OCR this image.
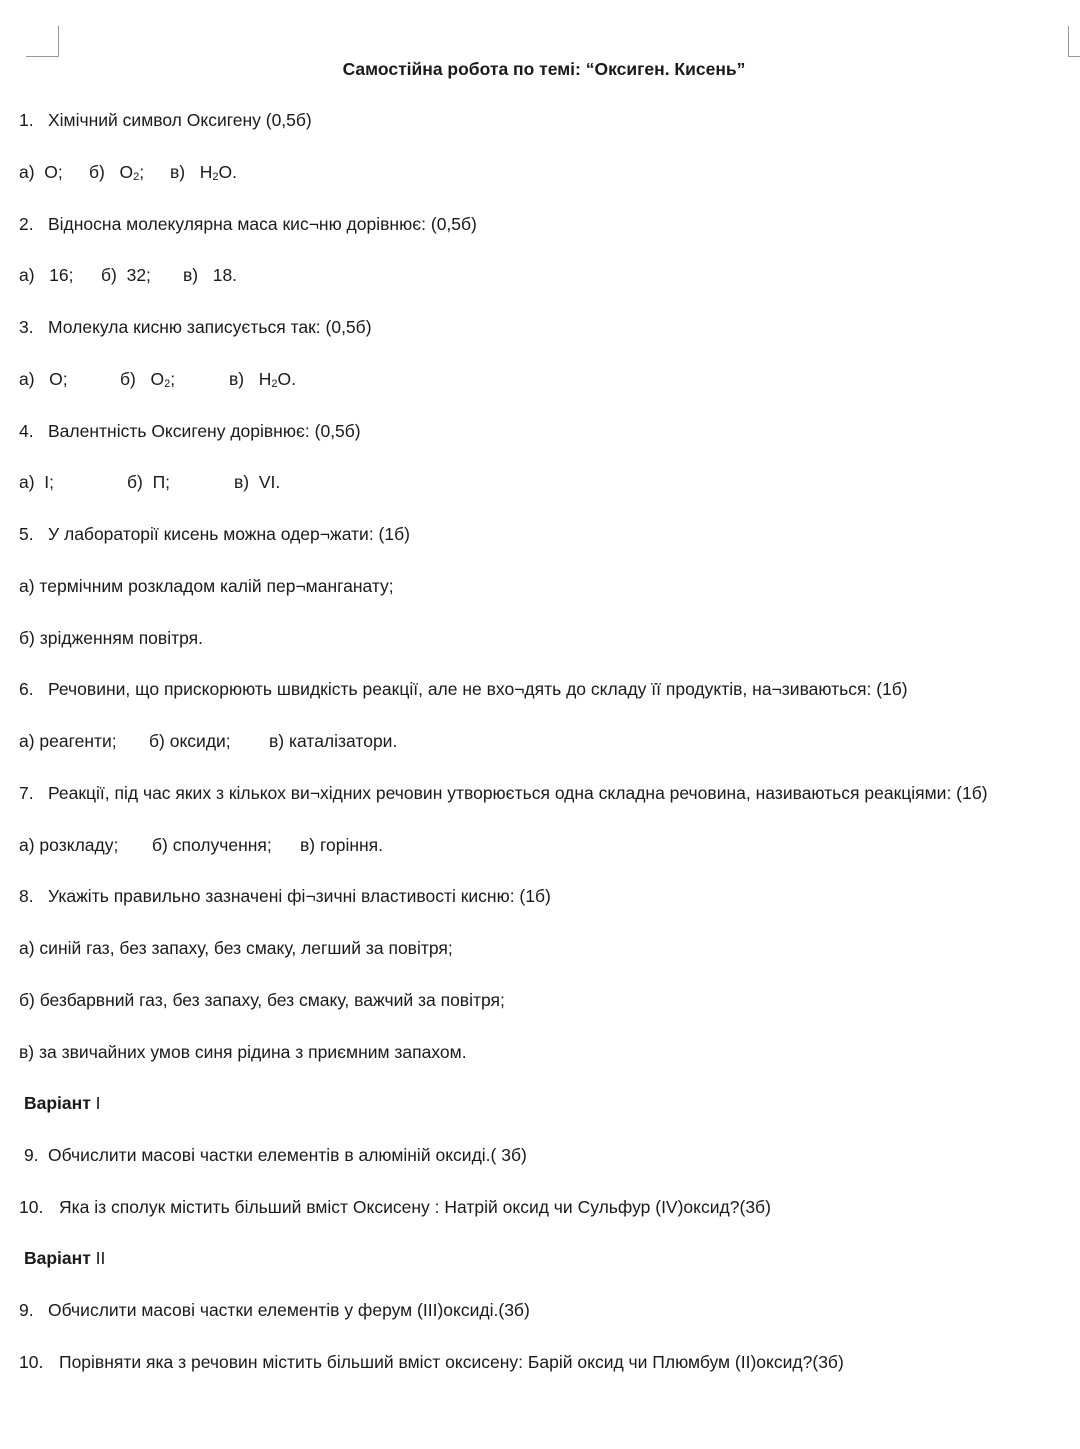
Самостійна робота по темі: “Оксиген. Кисень”
1. Хімічний символ Оксигену (0,5б)
а) О; б) $О_2$; в) $Н_2О$.
2. Відносна молекулярна маса кис¬ню дорівнює: (0,5б)
а) 16; б) 32; в) 18.
3. Молекула кисню записується так: (0,5б)
а) О;	б) $О_2$;	в) $Н_2О$.
4. Валентність Оксигену дорівнює: (0,5б)
а) I;	б) П;	в) VI.
5. У лабораторії кисень можна одер¬жати: (1б)
а) термічним розкладом калій пер¬манганату;
б) зрідженням повітря.
6. Речовини, що прискорюють швидкість реакції, але не вхо¬дять до складу її продуктів, на¬зиваються: (1б)
а) реагенти; б) оксиди; в) каталізатори.
7. Реакції, під час яких з кількох ви¬хідних речовин утворюється одна складна речовина, називаються реакціями: (1б)
а) розкладу; б) сполучення; в) горіння.
8. Укажіть правильно зазначені фі¬зичні властивості кисню: (1б)
а) синій газ, без запаху, без смаку, легший за повітря;
б) безбарвний газ, без запаху, без смаку, важчий за повітря;
в) за звичайних умов синя рідина з приємним запахом.
Варіант I
9. Обчислити масові частки елементів в алюміній оксиді.( 3б)
10. Яка із сполук містить більший вміст Оксисену : Натрій оксид чи Сульфур (IV)оксид?(3б)
Варіант II
9. Обчислити масові частки елементів у ферум (III)оксиді.(3б)
10. Порівняти яка з речовин містить більший вміст оксисену: Барій оксид чи Плюмбум (II)оксид?(3б)
